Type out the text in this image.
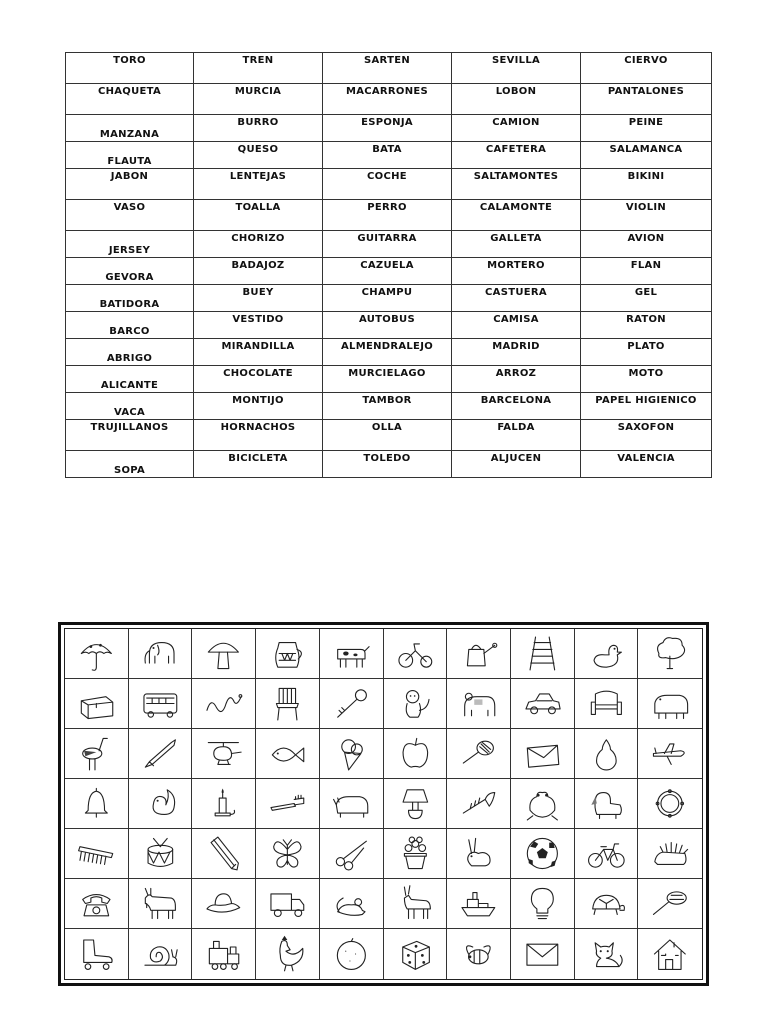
TORO	TREN	SARTEN	SEVILLA	CIERVO

CHAQUETA	MURCIA	MACARRONES	LOBON	PANTALONES

MANZANA	BURRO	ESPONJA	CAMION	PEINE

FLAUTA	QUESO	BATA	CAFETERA	SALAMANCA

JABON	LENTEJAS	COCHE	SALTAMONTES	BIKINI

VASO	TOALLA	PERRO	CALAMONTE	VIOLIN

JERSEY	CHORIZO	GUITARRA	GALLETA	AVION

GEVORA	BADAJOZ	CAZUELA	MORTERO	FLAN

BATIDORA	BUEY	CHAMPU	CASTUERA	GEL

BARCO	VESTIDO	AUTOBUS	CAMISA	RATON

ABRIGO	MIRANDILLA	ALMENDRALEJO	MADRID	PLATO

ALICANTE	CHOCOLATE	MURCIELAGO	ARROZ	MOTO

VACA	MONTIJO	TAMBOR	BARCELONA	PAPEL HIGIENICO

TRUJILLANOS	HORNACHOS	OLLA	FALDA	SAXOFON

SOPA	BICICLETA	TOLEDO	ALJUCEN	VALENCIA
